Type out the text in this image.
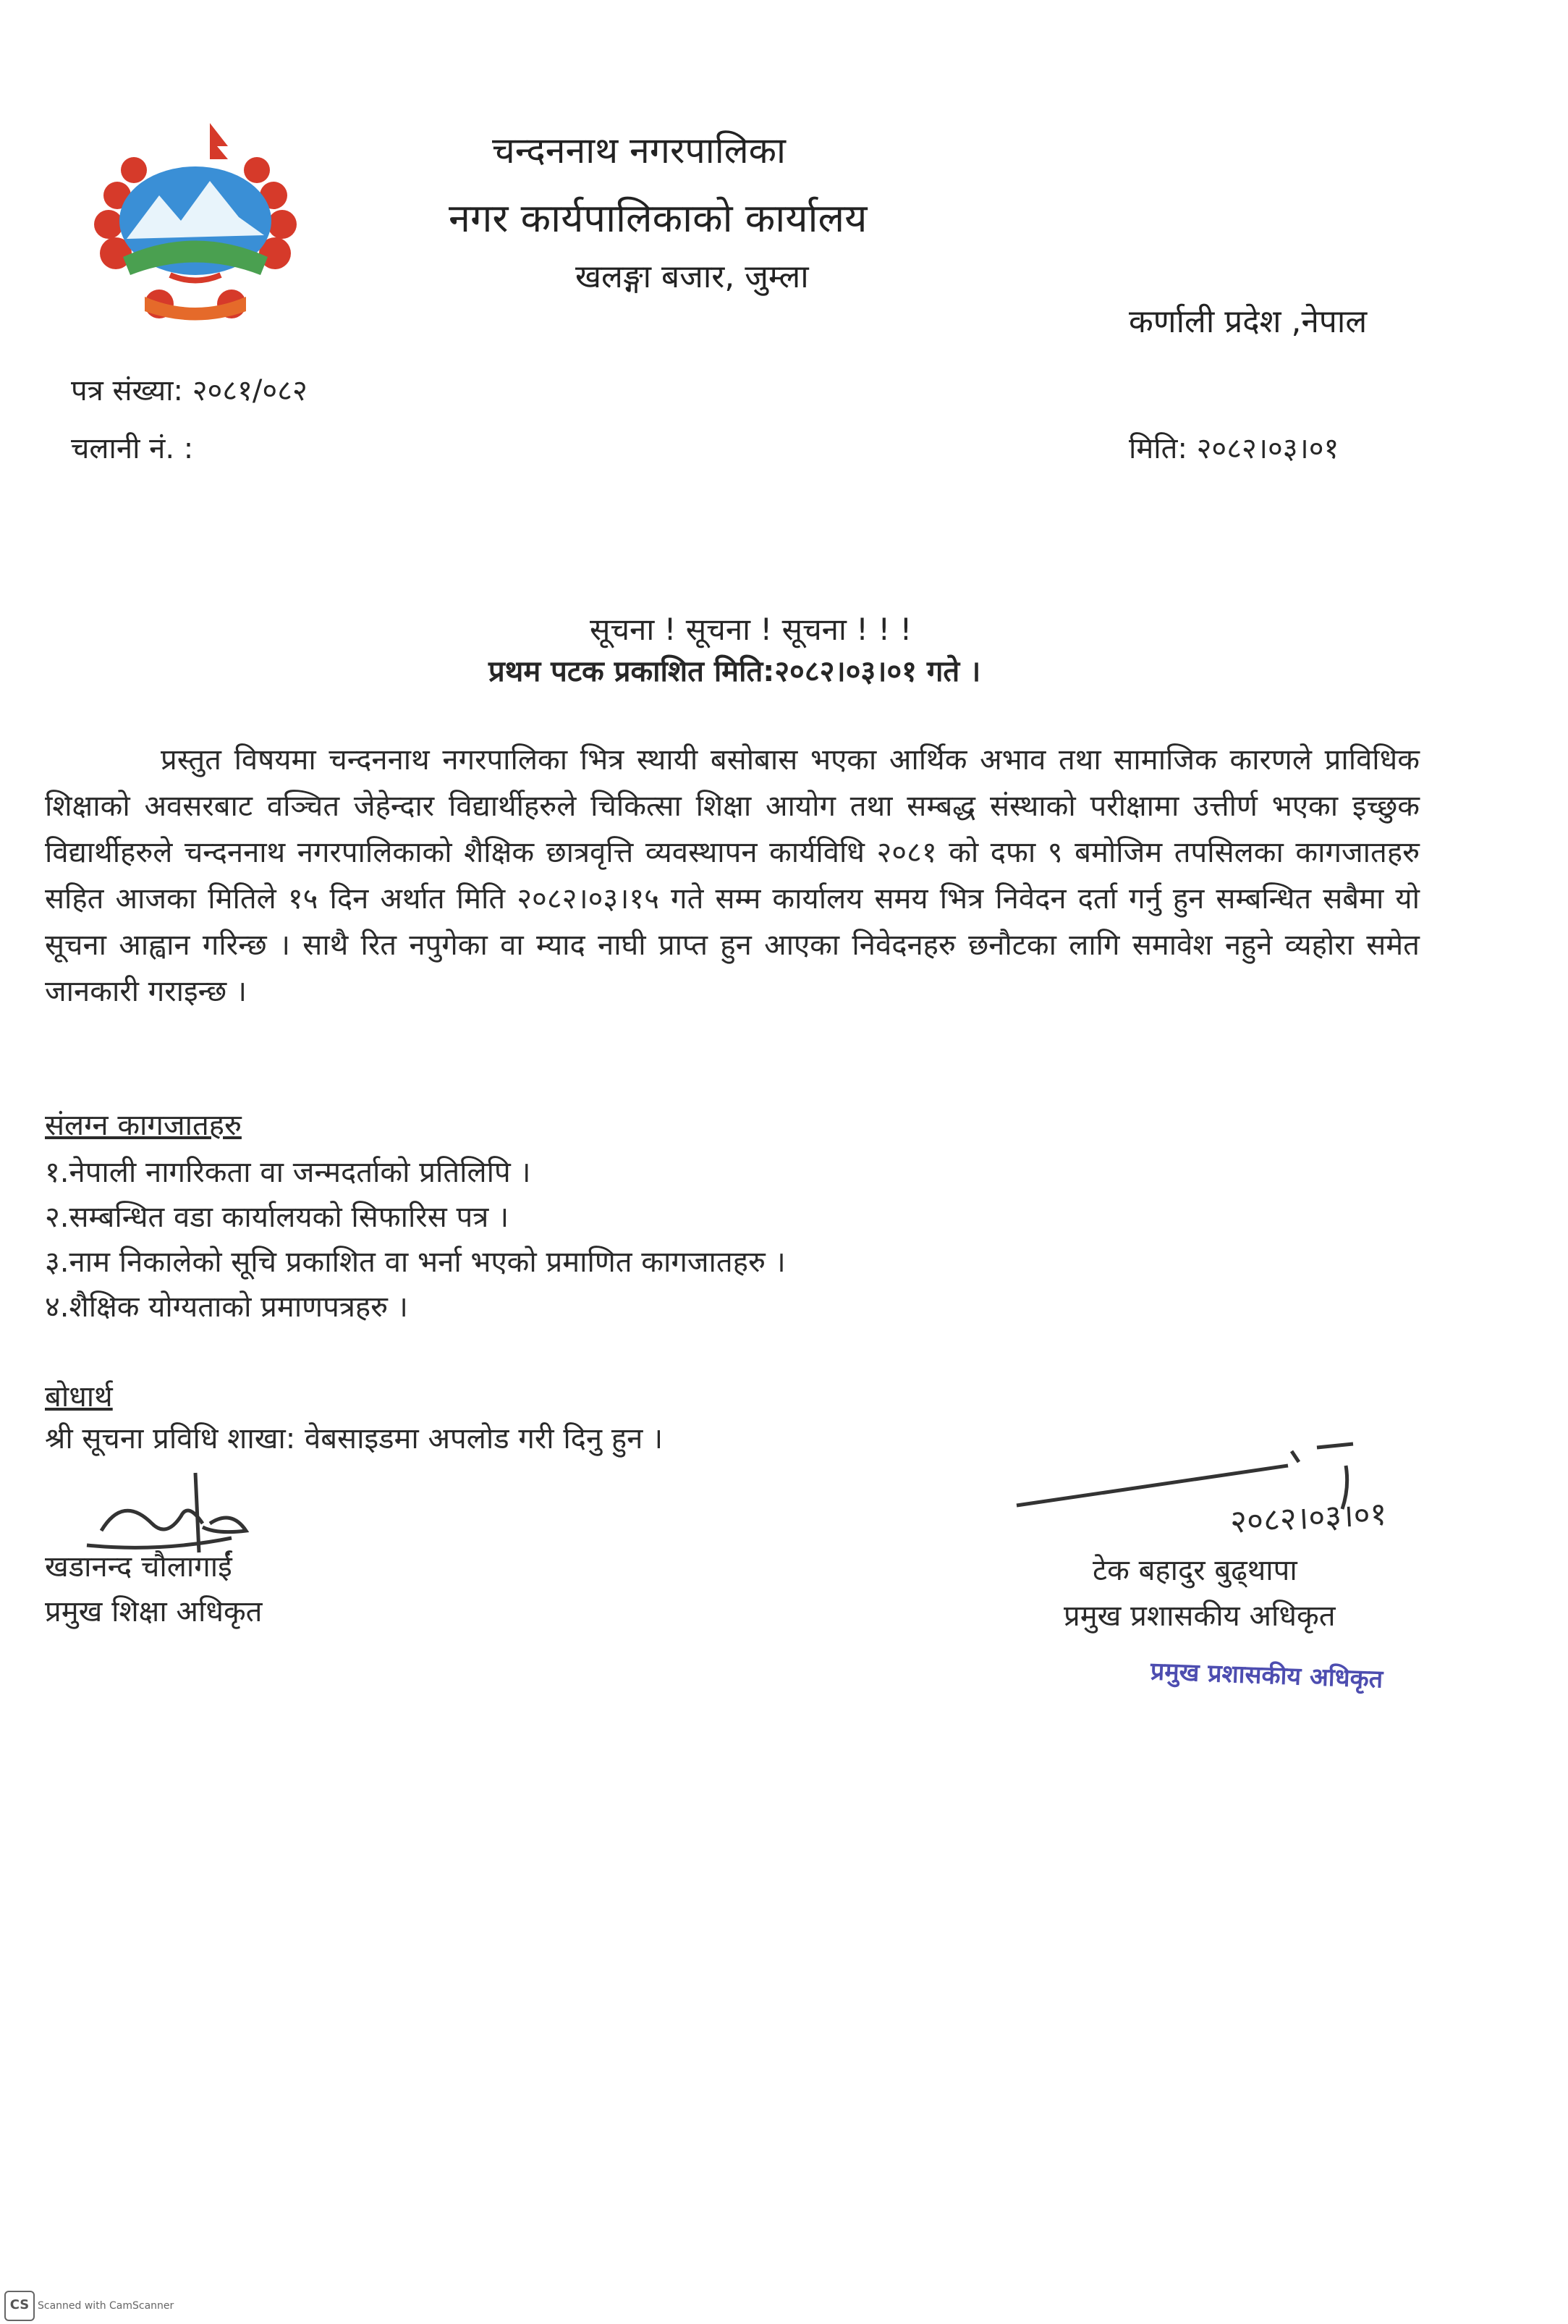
चन्दननाथ नगरपालिका
नगर कार्यपालिकाको कार्यालय
खलङ्गा बजार, जुम्ला
कर्णाली प्रदेश ,नेपाल
पत्र संख्या: २०८१/०८२
चलानी नं. :	मिति: २०८२।०३।०१
सूचना ! सूचना ! सूचना ! ! !
प्रथम पटक प्रकाशित मिति:२०८२।०३।०१ गते ।
प्रस्तुत विषयमा चन्दननाथ नगरपालिका भित्र स्थायी बसोबास भएका आर्थिक अभाव तथा सामाजिक कारणले प्राविधिक शिक्षाको अवसरबाट वञ्चित जेहेन्दार विद्यार्थीहरुले चिकित्सा शिक्षा आयोग तथा सम्बद्ध संस्थाको परीक्षामा उत्तीर्ण भएका इच्छुक विद्यार्थीहरुले चन्दननाथ नगरपालिकाको शैक्षिक छात्रवृत्ति व्यवस्थापन कार्यविधि २०८१ को दफा ९ बमोजिम तपसिलका कागजातहरु सहित आजका मितिले १५ दिन अर्थात मिति २०८२।०३।१५ गते सम्म कार्यालय समय भित्र निवेदन दर्ता गर्नु हुन सम्बन्धित सबैमा यो सूचना आह्वान गरिन्छ । साथै रित नपुगेका वा म्याद नाघी प्राप्त हुन आएका निवेदनहरु छनौटका लागि समावेश नहुने व्यहोरा समेत जानकारी गराइन्छ ।
संलग्न कागजातहरु
१.नेपाली नागरिकता वा जन्मदर्ताको प्रतिलिपि ।
२.सम्बन्धित वडा कार्यालयको सिफारिस पत्र ।
३.नाम निकालेको सूचि प्रकाशित वा भर्ना भएको प्रमाणित कागजातहरु ।
४.शैक्षिक योग्यताको प्रमाणपत्रहरु ।
बोधार्थ
श्री सूचना प्रविधि शाखा: वेबसाइडमा अपलोड गरी दिनु हुन ।
खडानन्द चौलागाईं
प्रमुख शिक्षा अधिकृत
२०८२।०३।०१
टेक बहादुर बुढ्थापा
प्रमुख प्रशासकीय अधिकृत
प्रमुख प्रशासकीय अधिकृत
CS Scanned with CamScanner
